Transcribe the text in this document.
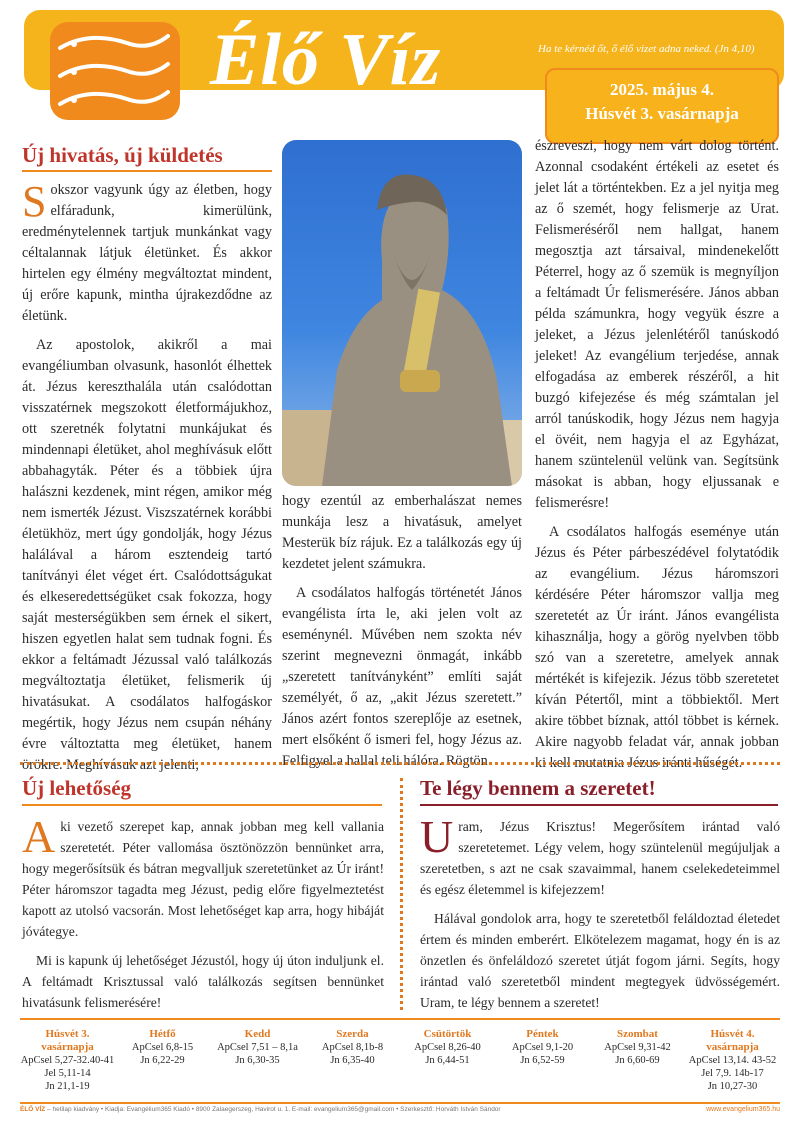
Élő Víz	Ha te kérnéd őt, ő élő vizet adna neked. (Jn 4,10)
2025. május 4.
Húsvét 3. vasárnapja
Új hivatás, új küldetés

Sokszor vagyunk úgy az életben, hogy elfáradunk, kimerülünk, eredménytelennek tartjuk munkánkat vagy céltalannak látjuk életünket. És akkor hirtelen egy élmény megváltoztat mindent, új erőre kapunk, mintha újrakezdődne az életünk.

Az apostolok, akikről a mai evangéliumban olvasunk, hasonlót élhettek át. Jézus kereszthalála után csalódottan visszatérnek megszokott életformájukhoz, ott szeretnék folytatni munkájukat és mindennapi életüket, ahol meghívásuk előtt abbahagyták. Péter és a többiek újra halászni kezdenek, mint régen, amikor még nem ismerték Jézust. Viszszatérnek korábbi életükhöz, mert úgy gondolják, hogy Jézus halálával a három esztendeig tartó tanítványi élet véget ért. Csalódottságukat és elkeseredettségüket csak fokozza, hogy saját mesterségükben sem érnek el sikert, hiszen egyetlen halat sem tudnak fogni. És ekkor a feltámadt Jézussal való találkozás megváltoztatja életüket, felismerik új hivatásukat. A csodálatos halfogáskor megértik, hogy Jézus nem csupán néhány évre változtatta meg életüket, hanem örökre. Meghívásuk azt jelenti,

hogy ezentúl az emberhalászat nemes munkája lesz a hivatásuk, amelyet Mesterük bíz rájuk. Ez a találkozás egy új kezdetet jelent számukra.

A csodálatos halfogás történetét János evangélista írta le, aki jelen volt az eseménynél. Művében nem szokta név szerint megnevezni önmagát, inkább „szeretett tanítványként” említi saját személyét, ő az, „akit Jézus szeretett.” János azért fontos szereplője az esetnek, mert elsőként ő ismeri fel, hogy Jézus az. Felfigyel a hallal teli hálóra. Rögtön

észreveszi, hogy nem várt dolog történt. Azonnal csodaként értékeli az esetet és jelet lát a történtekben. Ez a jel nyitja meg az ő szemét, hogy felismerje az Urat. Felismeréséről nem hallgat, hanem megosztja azt társaival, mindenekelőtt Péterrel, hogy az ő szemük is megnyíljon a feltámadt Úr felismerésére. János abban példa számunkra, hogy vegyük észre a jeleket, a Jézus jelenlétéről tanúskodó jeleket! Az evangélium terjedése, annak elfogadása az emberek részéről, a hit buzgó kifejezése és még számtalan jel arról tanúskodik, hogy Jézus nem hagyja el övéit, nem hagyja el az Egyházat, hanem szüntelenül velünk van. Segítsünk másokat is abban, hogy eljussanak e felismerésre!

A csodálatos halfogás eseménye után Jézus és Péter párbeszédével folytatódik az evangélium. Jézus háromszori kérdésére Péter háromszor vallja meg szeretetét az Úr iránt. János evangélista kihasználja, hogy a görög nyelvben több szó van a szeretetre, amelyek annak mértékét is kifejezik. Jézus több szeretetet kíván Pétertől, mint a többiektől. Mert akire többet bíznak, attól többet is kérnek. Akire nagyobb feladat vár, annak jobban ki kell mutatnia Jézus iránti hűségét.

Új lehetőség

Aki vezető szerepet kap, annak jobban meg kell vallania szeretetét. Péter vallomása ösztönözzön bennünket arra, hogy megerősítsük és bátran megvalljuk szeretetünket az Úr iránt! Péter háromszor tagadta meg Jézust, pedig előre figyelmeztetést kapott az utolsó vacsorán. Most lehetőséget kap arra, hogy hibáját jóvátegye.

Mi is kapunk új lehetőséget Jézustól, hogy új úton induljunk el. A feltámadt Krisztussal való találkozás segítsen bennünket hivatásunk felismerésére!

Te légy bennem a szeretet!

Uram, Jézus Krisztus! Megerősítem irántad való szeretetemet. Légy velem, hogy szüntelenül megújuljak a szeretetben, s azt ne csak szavaimmal, hanem cselekedeteimmel és egész életemmel is kifejezzem!

Hálával gondolok arra, hogy te szeretetből feláldoztad életedet értem és minden emberért. Elkötelezem magamat, hogy én is az önzetlen és önfeláldozó szeretet útját fogom járni. Segíts, hogy irántad való szeretetből mindent megtegyek üdvösségemért. Uram, te légy bennem a szeretet!

Húsvét 3. vasárnapja
ApCsel 5,27-32.40-41
Jel 5,11-14
Jn 21,1-19
Hétfő
ApCsel 6,8-15
Jn 6,22-29
Kedd
ApCsel 7,51 – 8,1a
Jn 6,30-35
Szerda
ApCsel 8,1b-8
Jn 6,35-40
Csütörtök
ApCsel 8,26-40
Jn 6,44-51
Péntek
ApCsel 9,1-20
Jn 6,52-59
Szombat
ApCsel 9,31-42
Jn 6,60-69
Húsvét 4. vasárnapja
ApCsel 13,14. 43-52
Jel 7,9. 14b-17
Jn 10,27-30
ÉLŐ VÍZ – hetilap kiadvány • Kiadja: Evangélium365 Kiadó • 8900 Zalaegerszeg, Havirot u. 1. E-mail: evangelium365@gmail.com • Szerkesztő: Horváth István Sándor	www.evangelium365.hu
